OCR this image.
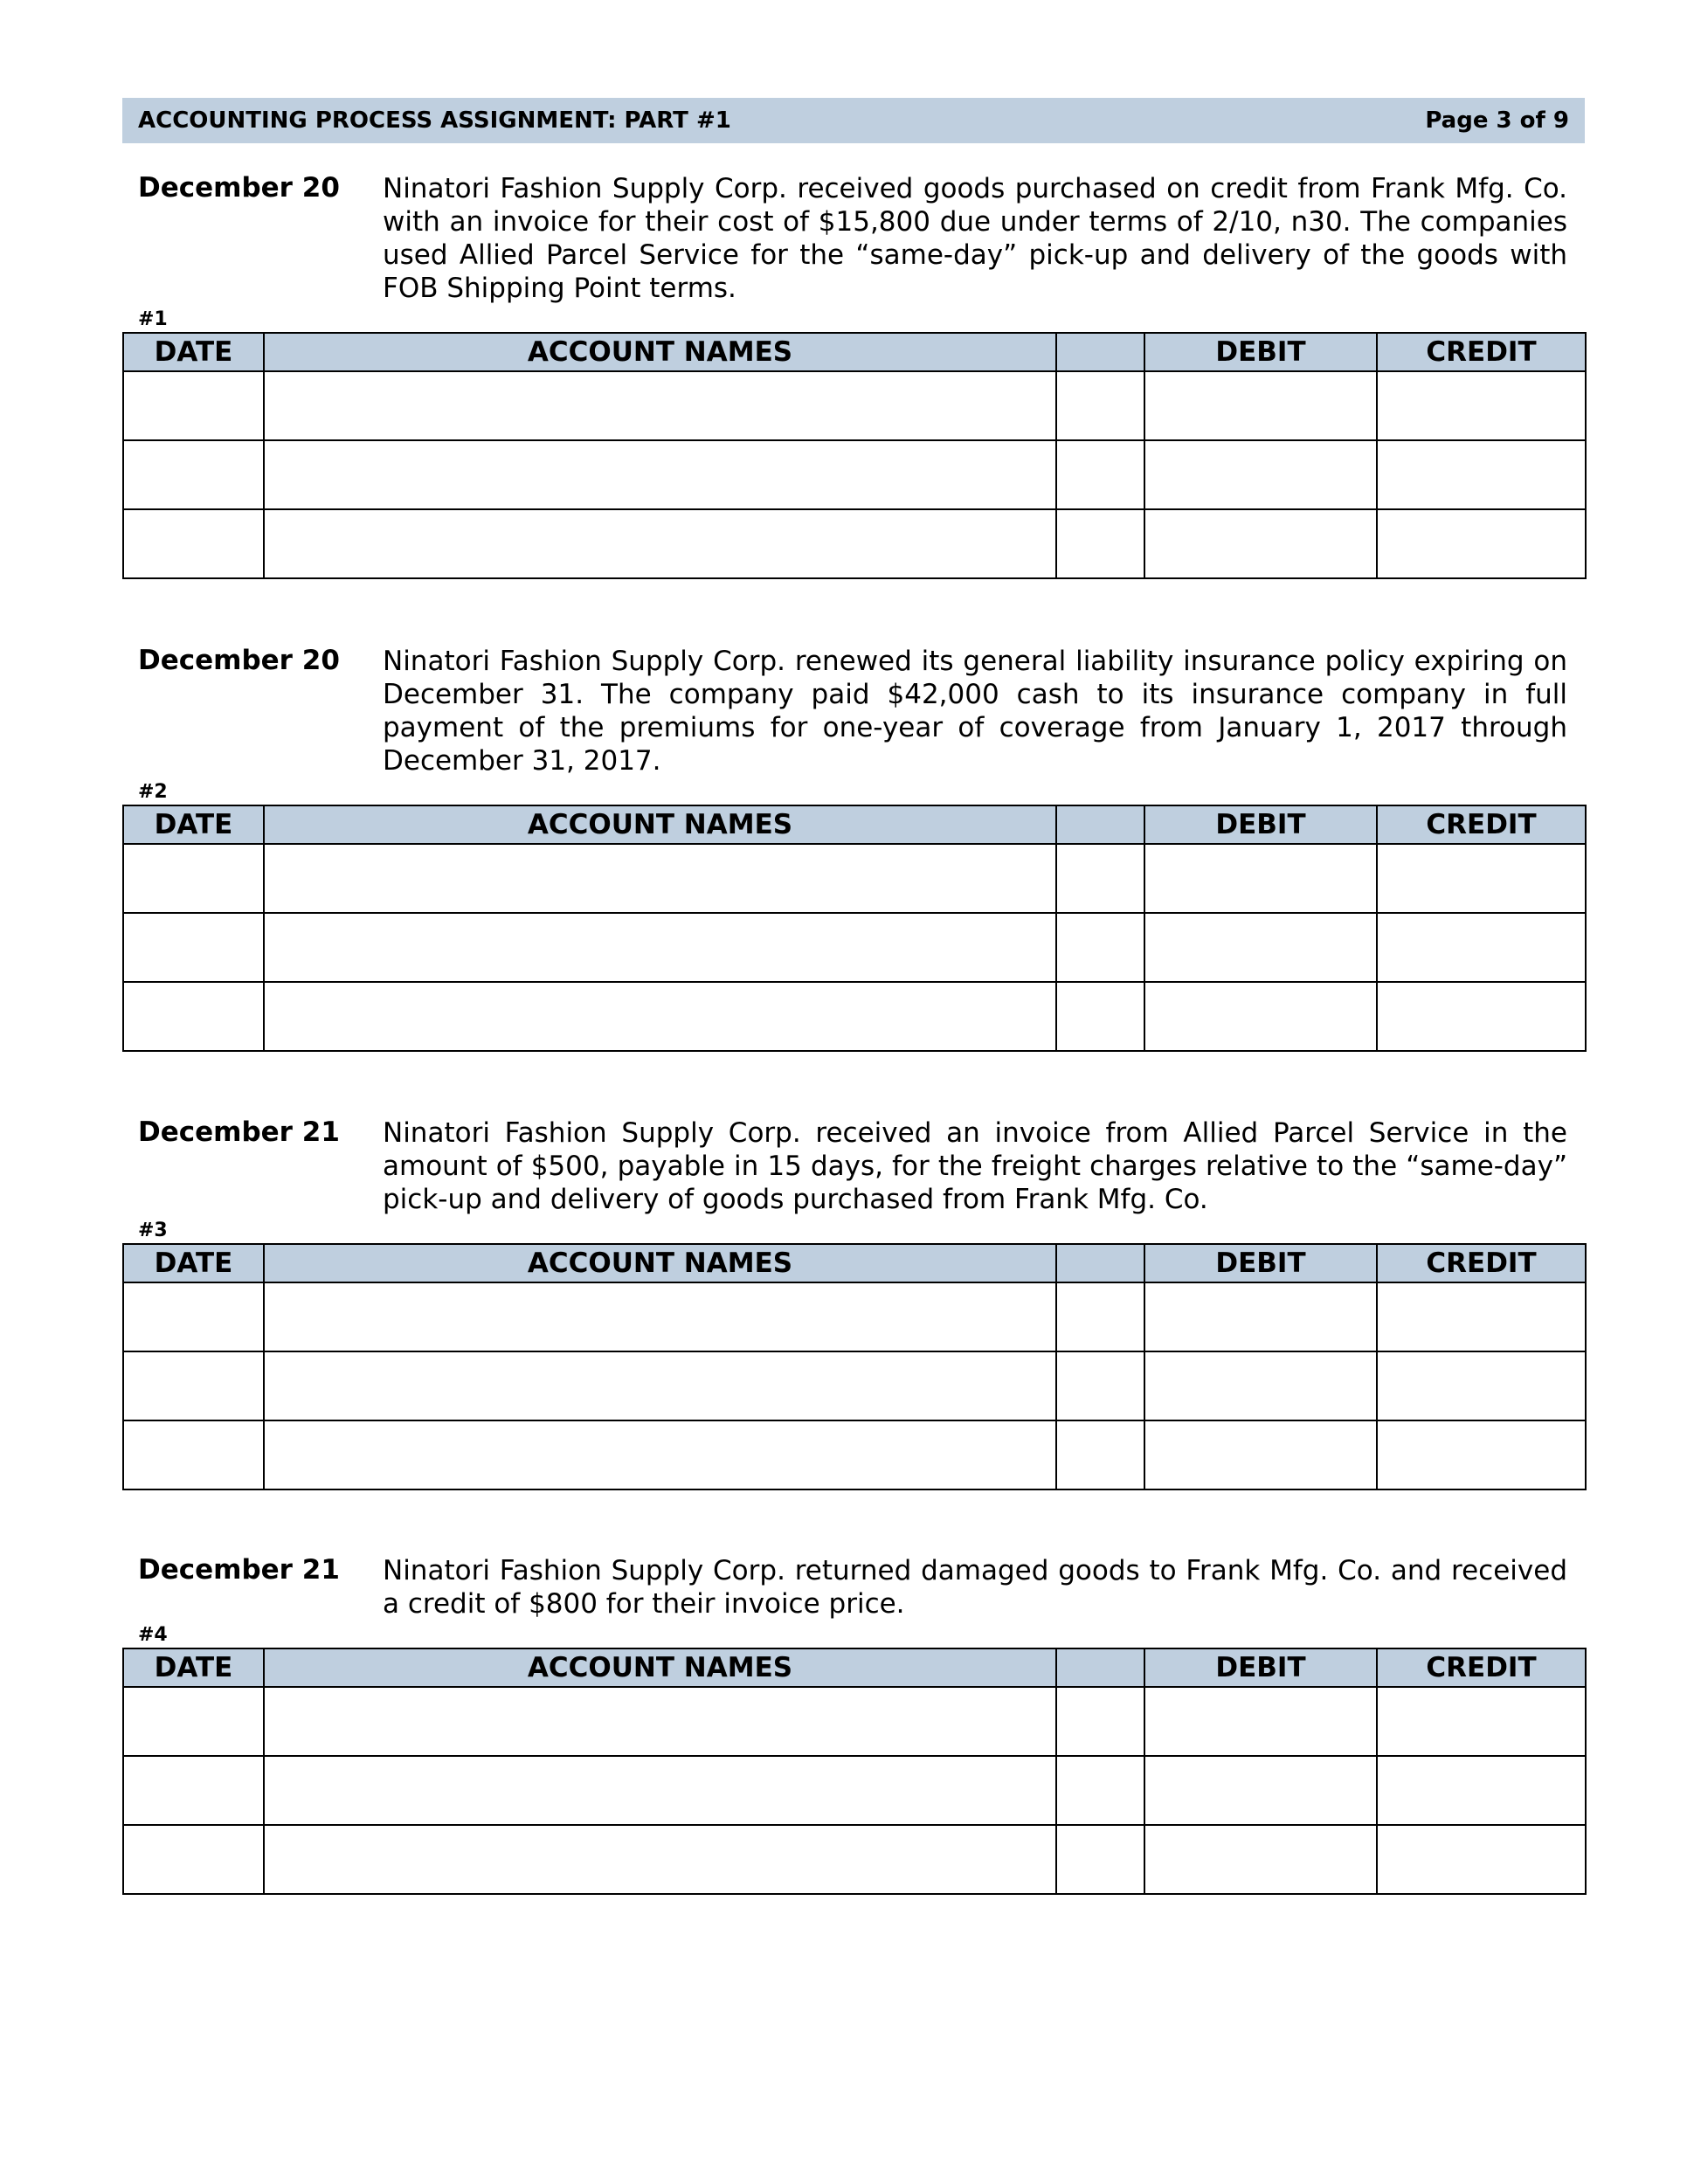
ACCOUNTING PROCESS ASSIGNMENT: PART #1	Page 3 of 9
December 20 Ninatori Fashion Supply Corp. received goods purchased on credit from Frank Mfg. Co. with an invoice for their cost of $15,800 due under terms of 2/10, n30. The companies used Allied Parcel Service for the “same-day” pick-up and delivery of the goods with FOB Shipping Point terms.
#1
DATE	ACCOUNT NAMES		DEBIT	CREDIT

December 20 Ninatori Fashion Supply Corp. renewed its general liability insurance policy expiring on December 31. The company paid $42,000 cash to its insurance company in full payment of the premiums for one-year of coverage from January 1, 2017 through December 31, 2017.
#2
DATE	ACCOUNT NAMES		DEBIT	CREDIT

December 21 Ninatori Fashion Supply Corp. received an invoice from Allied Parcel Service in the amount of $500, payable in 15 days, for the freight charges relative to the “same-day” pick-up and delivery of goods purchased from Frank Mfg. Co.
#3
DATE	ACCOUNT NAMES		DEBIT	CREDIT

December 21 Ninatori Fashion Supply Corp. returned damaged goods to Frank Mfg. Co. and received a credit of $800 for their invoice price.
#4
DATE	ACCOUNT NAMES		DEBIT	CREDIT
